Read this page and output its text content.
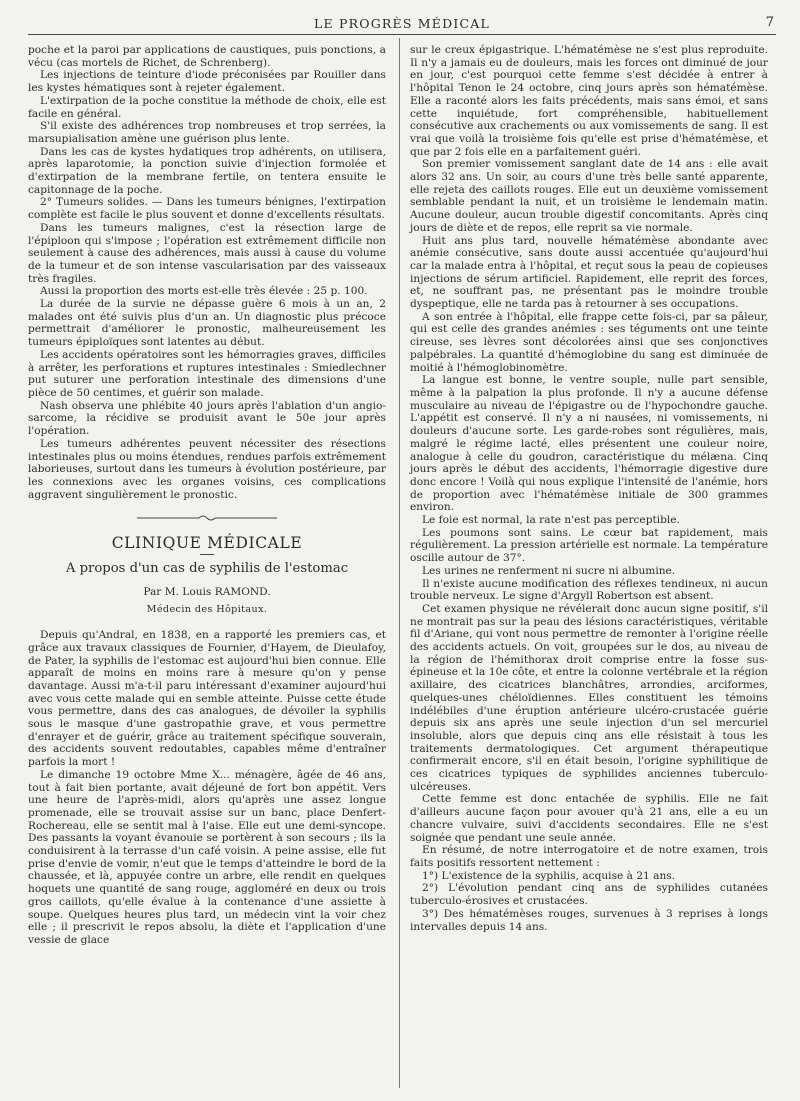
LE PROGRÈS MÉDICAL	7

poche et la paroi par applications de caustiques, puis ponctions, a vécu (cas mortels de Richet, de Schrenberg).

Les injections de teinture d'iode préconisées par Rouiller dans les kystes hématiques sont à rejeter également.

L'extirpation de la poche constitue la méthode de choix, elle est facile en général.

S'il existe des adhérences trop nombreuses et trop serrées, la marsupialisation amène une guérison plus lente.

Dans les cas de kystes hydatiques trop adhérents, on utilisera, après laparotomie, la ponction suivie d'injection formolée et d'extirpation de la membrane fertile, on tentera ensuite le capitonnage de la poche.

2° Tumeurs solides. — Dans les tumeurs bénignes, l'extirpation complète est facile le plus souvent et donne d'excellents résultats.

Dans les tumeurs malignes, c'est la résection large de l'épiploon qui s'impose ; l'opération est extrêmement difficile non seulement à cause des adhérences, mais aussi à cause du volume de la tumeur et de son intense vascularisation par des vaisseaux très fragiles.

Aussi la proportion des morts est-elle très élevée : 25 p. 100.

La durée de la survie ne dépasse guère 6 mois à un an, 2 malades ont été suivis plus d'un an. Un diagnostic plus précoce permettrait d'améliorer le pronostic, malheureusement les tumeurs épiploïques sont latentes au début.

Les accidents opératoires sont les hémorragies graves, difficiles à arrêter, les perforations et ruptures intestinales : Smiedlechner put suturer une perforation intestinale des dimensions d'une pièce de 50 centimes, et guérir son malade.

Nash observa une phlébite 40 jours après l'ablation d'un angio-sarcome, la récidive se produisit avant le 50e jour après l'opération.

Les tumeurs adhérentes peuvent nécessiter des résections intestinales plus ou moins étendues, rendues parfois extrêmement laborieuses, surtout dans les tumeurs à évolution postérieure, par les connexions avec les organes voisins, ces complications aggravent singulièrement le pronostic.

CLINIQUE MÉDICALE
A propos d'un cas de syphilis de l'estomac
Par M. Louis RAMOND.
Médecin des Hôpitaux.

Depuis qu'Andral, en 1838, en a rapporté les premiers cas, et grâce aux travaux classiques de Fournier, d'Hayem, de Dieulafoy, de Pater, la syphilis de l'estomac est aujourd'hui bien connue. Elle apparaît de moins en moins rare à mesure qu'on y pense davantage. Aussi m'a-t-il paru intéressant d'examiner aujourd'hui avec vous cette malade qui en semble atteinte. Puisse cette étude vous permettre, dans des cas analogues, de dévoiler la syphilis sous le masque d'une gastropathie grave, et vous permettre d'enrayer et de guérir, grâce au traitement spécifique souverain, des accidents souvent redoutables, capables même d'entraîner parfois la mort !

Le dimanche 19 octobre Mme X... ménagère, âgée de 46 ans, tout à fait bien portante, avait déjeuné de fort bon appétit. Vers une heure de l'après-midi, alors qu'après une assez longue promenade, elle se trouvait assise sur un banc, place Denfert-Rochereau, elle se sentit mal à l'aise. Elle eut une demi-syncope. Des passants la voyant évanouie se portèrent à son secours ; ils la conduisirent à la terrasse d'un café voisin. A peine assise, elle fut prise d'envie de vomir, n'eut que le temps d'atteindre le bord de la chaussée, et là, appuyée contre un arbre, elle rendit en quelques hoquets une quantité de sang rouge, aggloméré en deux ou trois gros caillots, qu'elle évalue à la contenance d'une assiette à soupe. Quelques heures plus tard, un médecin vint la voir chez elle ; il prescrivit le repos absolu, la diète et l'application d'une vessie de glace

sur le creux épigastrique. L'hématémèse ne s'est plus reproduite. Il n'y a jamais eu de douleurs, mais les forces ont diminué de jour en jour, c'est pourquoi cette femme s'est décidée à entrer à l'hôpital Tenon le 24 octobre, cinq jours après son hématémèse. Elle a raconté alors les faits précédents, mais sans émoi, et sans cette inquiétude, fort compréhensible, habituellement consécutive aux crachements ou aux vomissements de sang. Il est vrai que voilà la troisième fois qu'elle est prise d'hématémèse, et que par 2 fois elle en a parfaitement guéri.

Son premier vomissement sanglant date de 14 ans : elle avait alors 32 ans. Un soir, au cours d'une très belle santé apparente, elle rejeta des caillots rouges. Elle eut un deuxième vomissement semblable pendant la nuit, et un troisième le lendemain matin. Aucune douleur, aucun trouble digestif concomitants. Après cinq jours de diète et de repos, elle reprit sa vie normale.

Huit ans plus tard, nouvelle hématémèse abondante avec anémie consécutive, sans doute aussi accentuée qu'aujourd'hui car la malade entra à l'hôpital, et reçut sous la peau de copieuses injections de sérum artificiel. Rapidement, elle reprit des forces, et, ne souffrant pas, ne présentant pas le moindre trouble dyspeptique, elle ne tarda pas à retourner à ses occupations.

A son entrée à l'hôpital, elle frappe cette fois-ci, par sa pâleur, qui est celle des grandes anémies : ses téguments ont une teinte cireuse, ses lèvres sont décolorées ainsi que ses conjonctives palpébrales. La quantité d'hémoglobine du sang est diminuée de moitié à l'hémoglobinomètre.

La langue est bonne, le ventre souple, nulle part sensible, même à la palpation la plus profonde. Il n'y a aucune défense musculaire au niveau de l'épigastre ou de l'hypochondre gauche. L'appétit est conservé. Il n'y a ni nausées, ni vomissements, ni douleurs d'aucune sorte. Les garde-robes sont régulières, mais, malgré le régime lacté, elles présentent une couleur noire, analogue à celle du goudron, caractéristique du mélæna. Cinq jours après le début des accidents, l'hémorragie digestive dure donc encore ! Voilà qui nous explique l'intensité de l'anémie, hors de proportion avec l'hématémèse initiale de 300 grammes environ.

Le foie est normal, la rate n'est pas perceptible.

Les poumons sont sains. Le cœur bat rapidement, mais régulièrement. La pression artérielle est normale. La température oscille autour de 37°.

Les urines ne renferment ni sucre ni albumine.

Il n'existe aucune modification des réflexes tendineux, ni aucun trouble nerveux. Le signe d'Argyll Robertson est absent.

Cet examen physique ne révélerait donc aucun signe positif, s'il ne montrait pas sur la peau des lésions caractéristiques, véritable fil d'Ariane, qui vont nous permettre de remonter à l'origine réelle des accidents actuels. On voit, groupées sur le dos, au niveau de la région de l'hémithorax droit comprise entre la fosse sus-épineuse et la 10e côte, et entre la colonne vertébrale et la région axillaire, des cicatrices blanchâtres, arrondies, arciformes, quelques-unes chéloïdiennes. Elles constituent les témoins indélébiles d'une éruption antérieure ulcéro-crustacée guérie depuis six ans après une seule injection d'un sel mercuriel insoluble, alors que depuis cinq ans elle résistait à tous les traitements dermatologiques. Cet argument thérapeutique confirmerait encore, s'il en était besoin, l'origine syphilitique de ces cicatrices typiques de syphilides anciennes tuberculo-ulcéreuses.

Cette femme est donc entachée de syphilis. Elle ne fait d'ailleurs aucune façon pour avouer qu'à 21 ans, elle a eu un chancre vulvaire, suivi d'accidents secondaires. Elle ne s'est soignée que pendant une seule année.

En résumé, de notre interrogatoire et de notre examen, trois faits positifs ressortent nettement :

1°) L'existence de la syphilis, acquise à 21 ans.

2°) L'évolution pendant cinq ans de syphilides cutanées tuberculo-érosives et crustacées.

3°) Des hématémèses rouges, survenues à 3 reprises à longs intervalles depuis 14 ans.
